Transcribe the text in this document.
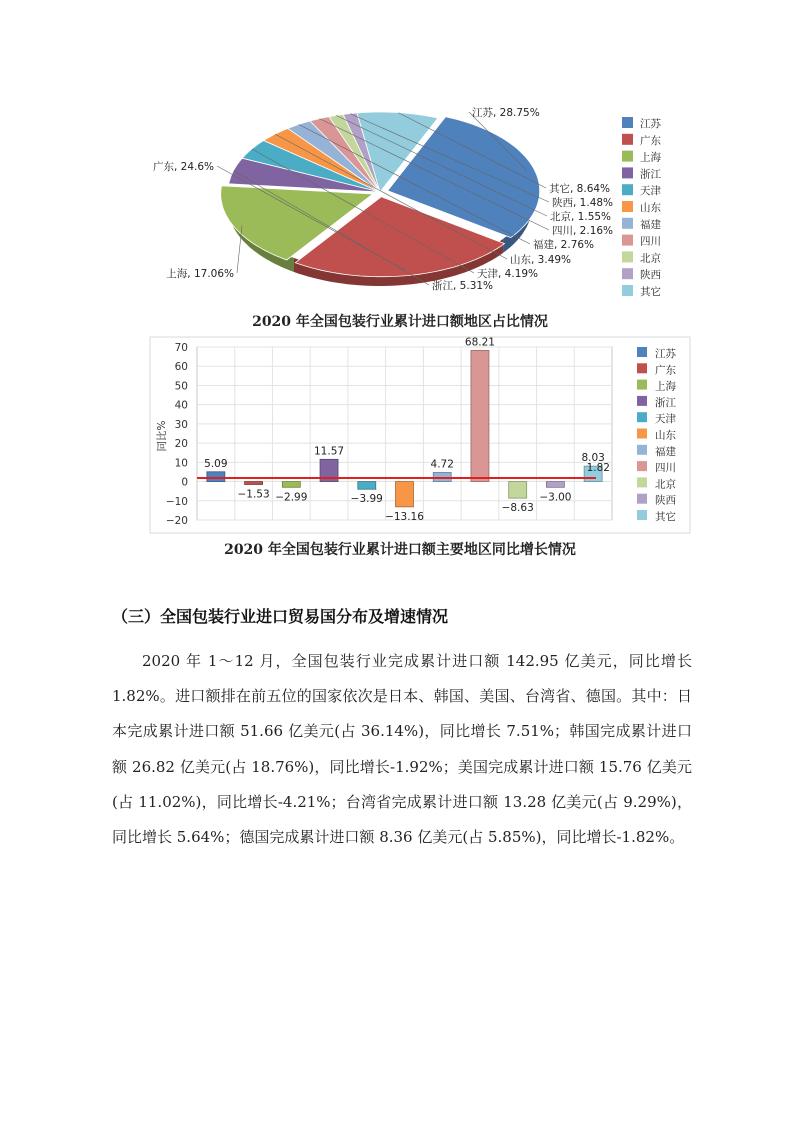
江苏, 28.75%
广东, 24.6%
上海, 17.06%
浙江, 5.31%
天津, 4.19%
山东, 3.49%
福建, 2.76%
四川, 2.16%
北京, 1.55%
陕西, 1.48%
其它, 8.64%
江苏
广东
上海
浙江
天津
山东
福建
四川
北京
陕西
其它
2020 年全国包装行业累计进口额地区占比情况
70
60
50
40
30
20
10
0
−10
−20
同比%
5.09
−1.53 −2.99
11.57
−3.99
−13.16
4.72
68.21
−8.63
−3.00
8.03
1.82
江苏
广东
上海
浙江
天津
山东
福建
四川
北京
陕西
其它
2020 年全国包装行业累计进口额主要地区同比增长情况
（三）全国包装行业进口贸易国分布及增速情况

2020 年 1～12 月，全国包装行业完成累计进口额 142.95 亿美元，同比增长 1.82%。进口额排在前五位的国家依次是日本、韩国、美国、台湾省、德国。其中：日本完成累计进口额 51.66 亿美元(占 36.14%)，同比增长 7.51%；韩国完成累计进口额 26.82 亿美元(占 18.76%)，同比增长-1.92%；美国完成累计进口额 15.76 亿美元(占 11.02%)，同比增长-4.21%；台湾省完成累计进口额 13.28 亿美元(占 9.29%)，同比增长 5.64%；德国完成累计进口额 8.36 亿美元(占 5.85%)，同比增长-1.82%。
